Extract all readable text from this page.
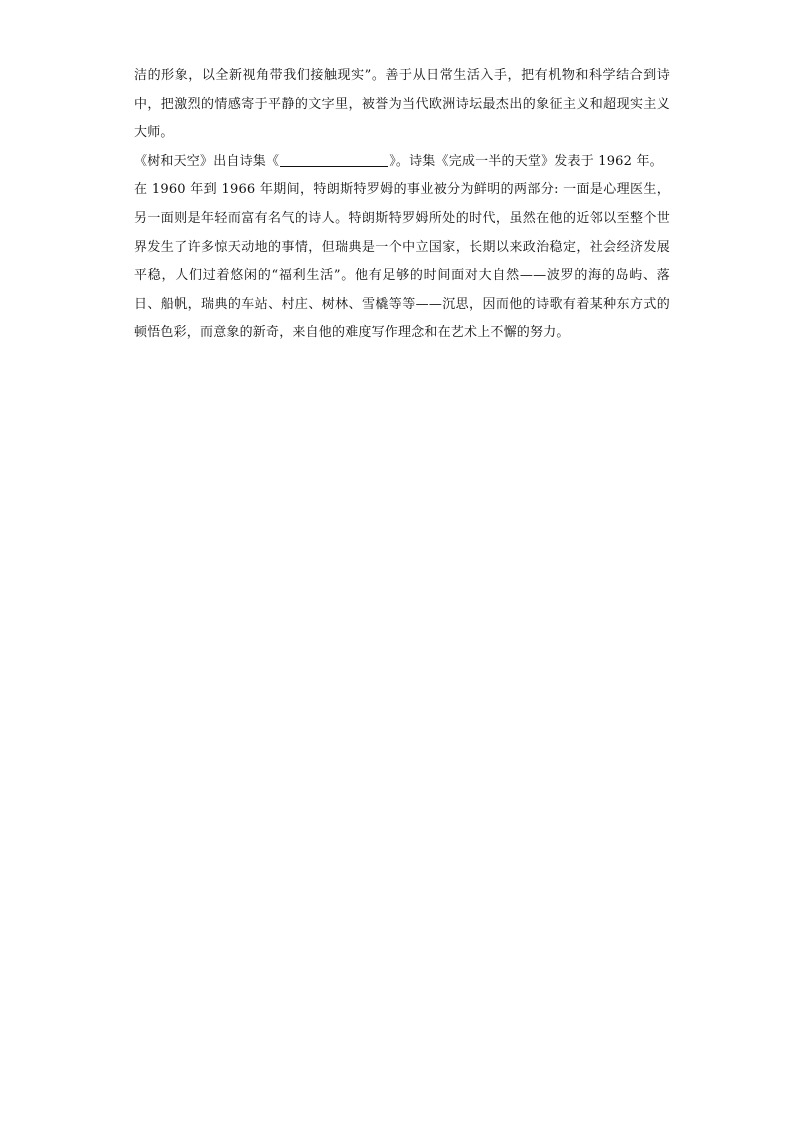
洁的形象，以全新视角带我们接触现实”。善于从日常生活入手，把有机物和科学结合到诗中，把激烈的情感寄于平静的文字里，被誉为当代欧洲诗坛最杰出的象征主义和超现实主义大师。

《树和天空》出自诗集《	》。诗集《完成一半的天堂》发表于 1962 年。

在 1960 年到 1966 年期间，特朗斯特罗姆的事业被分为鲜明的两部分: 一面是心理医生，另一面则是年轻而富有名气的诗人。特朗斯特罗姆所处的时代，虽然在他的近邻以至整个世界发生了许多惊天动地的事情，但瑞典是一个中立国家，长期以来政治稳定，社会经济发展平稳，人们过着悠闲的“福利生活”。他有足够的时间面对大自然——波罗的海的岛屿、落日、船帆，瑞典的车站、村庄、树林、雪橇等等——沉思，因而他的诗歌有着某种东方式的顿悟色彩，而意象的新奇，来自他的难度写作理念和在艺术上不懈的努力。
